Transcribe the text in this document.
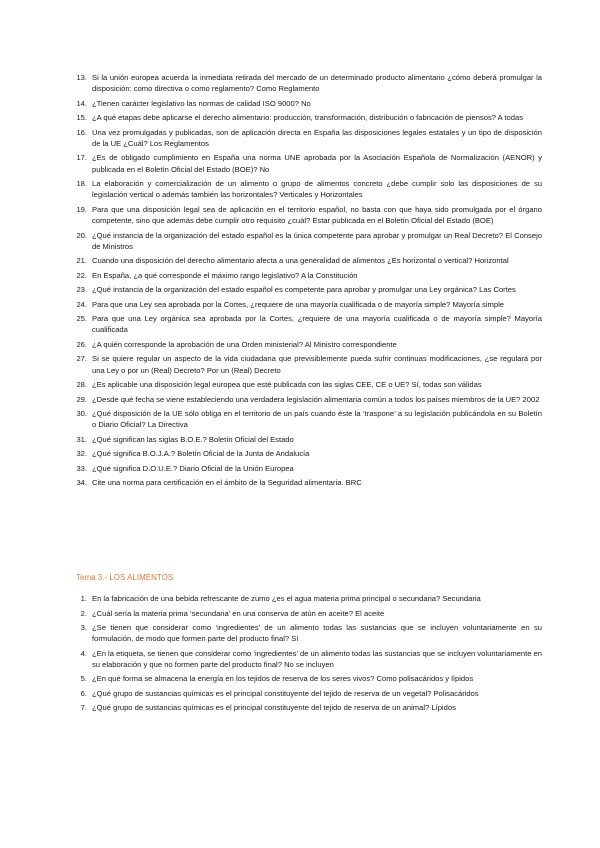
13. Si la unión europea acuerda la inmediata retirada del mercado de un determinado producto alimentario ¿cómo deberá promulgar la disposición: como directiva o como reglamento? Como Reglamento
14. ¿Tienen carácter legislativo las normas de calidad ISO 9000? No
15. ¿A qué etapas debe aplicarse el derecho alimentario: producción, transformación, distribución o fabricación de piensos? A todas
16. Una vez promulgadas y publicadas, son de aplicación directa en España las disposiciones legales estatales y un tipo de disposición de la UE ¿Cuál? Los Reglamentos
17. ¿Es de obligado cumplimiento en España una norma UNE aprobada por la Asociación Española de Normalización (AENOR) y publicada en el Boletín Oficial del Estado (BOE)? No
18. La elaboración y comercialización de un alimento o grupo de alimentos concreto ¿debe cumplir solo las disposiciones de su legislación vertical o además también las horizontales? Verticales y Horizontales
19. Para que una disposición legal sea de aplicación en el territorio español, no basta con que haya sido promulgada por el órgano competente, sino que además debe cumplir otro requisito ¿cuál? Estar publicada en el Boletín Oficial del Estado (BOE)
20. ¿Qué instancia de la organización del estado español es la única competente para aprobar y promulgar un Real Decreto? El Consejo de Ministros
21. Cuando una disposición del derecho alimentario afecta a una generalidad de alimentos ¿Es horizontal o vertical? Horizontal
22. En España, ¿a qué corresponde el máximo rango legislativo? A la Constitución
23. ¿Qué instancia de la organización del estado español es competente para aprobar y promulgar una Ley orgánica? Las Cortes
24. Para que una Ley sea aprobada por la Cortes, ¿requiere de una mayoría cualificada o de mayoría simple? Mayoría simple
25. Para que una Ley orgánica sea aprobada por la Cortes, ¿requiere de una mayoría cualificada o de mayoría simple? Mayoría cualificada
26. ¿A quién corresponde la aprobación de una Orden ministerial? Al Ministro correspondiente
27. Si se quiere regular un aspecto de la vida ciudadana que previsiblemente pueda sufrir continuas modificaciones, ¿se regulará por una Ley o por un (Real) Decreto? Por un (Real) Decreto
28. ¿Es aplicable una disposición legal europea que esté publicada con las siglas CEE, CE o UE? Sí, todas son válidas
29. ¿Desde qué fecha se viene estableciendo una verdadera legislación alimentaria común a todos los países miembros de la UE? 2002
30. ¿Qué disposición de la UE sólo obliga en el territorio de un país cuando éste la ‘traspone’ a su legislación publicándola en su Boletín o Diario Oficial? La Directiva
31. ¿Qué significan las siglas B.O.E.? Boletín Oficial del Estado
32. ¿Qué significa B.O.J.A.? Boletín Oficial de la Junta de Andalucía
33. ¿Qué significa D.O.U.E.? Diario Oficial de la Unión Europea
34. Cite una norma para certificación en el ámbito de la Seguridad alimentaria. BRC
Tema 3.- LOS ALIMENTOS
1. En la fabricación de una bebida refrescante de zumo ¿es el agua materia prima principal o secundaria? Secundaria
2. ¿Cuál sería la materia prima ‘secundaria’ en una conserva de atún en aceite? El aceite
3. ¿Se tienen que considerar como ‘ingredientes’ de un alimento todas las sustancias que se incluyen voluntariamente en su formulación, de modo que formen parte del producto final? Sí
4. ¿En la etiqueta, se tienen que considerar como ‘ingredientes’ de un alimento todas las sustancias que se incluyen voluntariamente en su elaboración y que no formen parte del producto final? No se incluyen
5. ¿En qué forma se almacena la energía en los tejidos de reserva de los seres vivos? Como polisacáridos y lípidos
6. ¿Qué grupo de sustancias químicas es el principal constituyente del tejido de reserva de un vegetal? Polisacáridos
7. ¿Qué grupo de sustancias químicas es el principal constituyente del tejido de reserva de un animal? Lípidos
